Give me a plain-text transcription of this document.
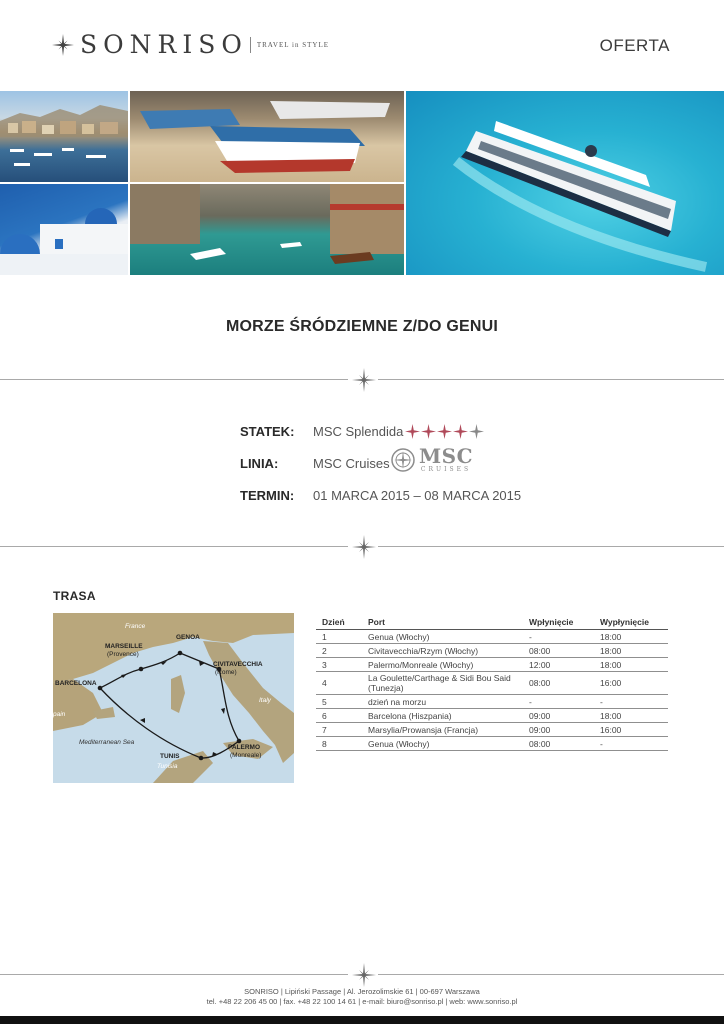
SONRISO TRAVEL in STYLE	OFERTA
MORZE ŚRÓDZIEMNE Z/DO GENUI
STATEK: MSC Splendida
LINIA:	MSC Cruises MSC
CRUISES
TERMIN: 01 MARCA 2015 – 08 MARCA 2015
TRASA
France
GENOA
MARSEILLE
(Provence)
CIVITAVECCHIA
(Rome)
BARCELONA
pain
Italy
Mediterranean Sea
PALERMO
(Monreale)
TUNIS
Tunisia
Dzień	Port	Wpłynięcie	Wypłynięcie
1	Genua (Włochy)	-	18:00
2	Civitavecchia/Rzym (Włochy)	08:00	18:00
3	Palermo/Monreale (Włochy)	12:00	18:00
4	La Goulette/Carthage & Sidi Bou Said (Tunezja)	08:00	16:00
5	dzień na morzu	-	-
6	Barcelona (Hiszpania)	09:00	18:00
7	Marsylia/Prowansja (Francja)	09:00	16:00
8	Genua (Włochy)	08:00	-
SONRISO | Lipiński Passage | Al. Jerozolimskie 61 | 00-697 Warszawa
tel. +48 22 206 45 00 | fax. +48 22 100 14 61 | e-mail: biuro@sonriso.pl | web: www.sonriso.pl
